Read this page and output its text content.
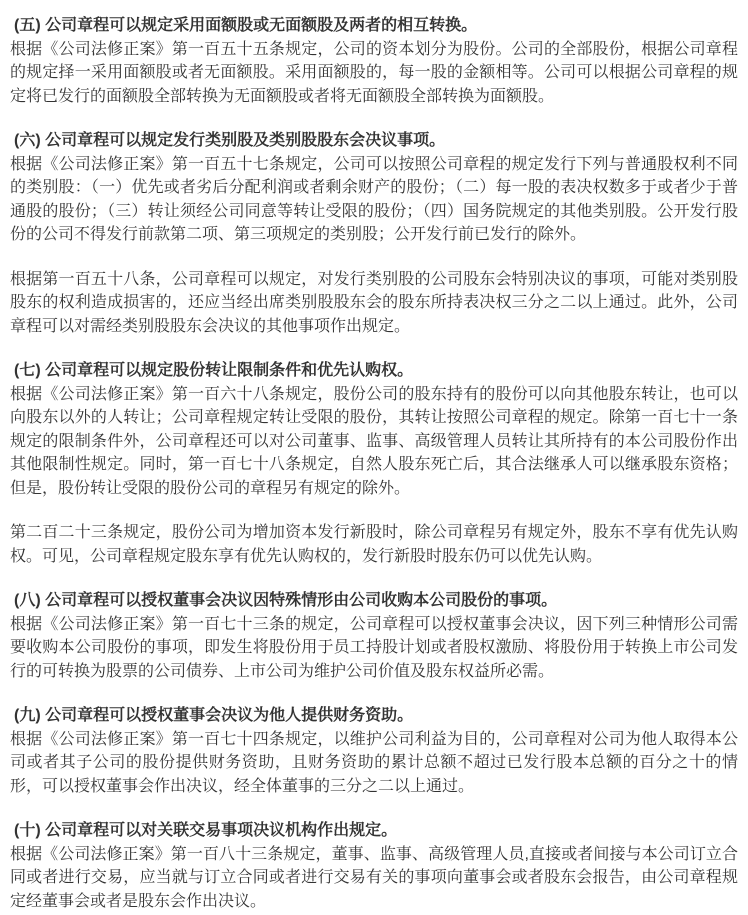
(五) 公司章程可以规定采用面额股或无面额股及两者的相互转换。

根据《公司法修正案》第一百五十五条规定，公司的资本划分为股份。公司的全部股份，根据公司章程的规定择一采用面额股或者无面额股。采用面额股的，每一股的金额相等。公司可以根据公司章程的规定将已发行的面额股全部转换为无面额股或者将无面额股全部转换为面额股。

(六) 公司章程可以规定发行类别股及类别股股东会决议事项。

根据《公司法修正案》第一百五十七条规定，公司可以按照公司章程的规定发行下列与普通股权利不同的类别股：（一）优先或者劣后分配利润或者剩余财产的股份；（二）每一股的表决权数多于或者少于普通股的股份；（三）转让须经公司同意等转让受限的股份；（四）国务院规定的其他类别股。公开发行股份的公司不得发行前款第二项、第三项规定的类别股；公开发行前已发行的除外。

根据第一百五十八条，公司章程可以规定，对发行类别股的公司股东会特别决议的事项，可能对类别股股东的权利造成损害的，还应当经出席类别股股东会的股东所持表决权三分之二以上通过。此外，公司章程可以对需经类别股股东会决议的其他事项作出规定。

(七) 公司章程可以规定股份转让限制条件和优先认购权。

根据《公司法修正案》第一百六十八条规定，股份公司的股东持有的股份可以向其他股东转让，也可以向股东以外的人转让；公司章程规定转让受限的股份，其转让按照公司章程的规定。除第一百七十一条规定的限制条件外，公司章程还可以对公司董事、监事、高级管理人员转让其所持有的本公司股份作出其他限制性规定。同时，第一百七十八条规定，自然人股东死亡后，其合法继承人可以继承股东资格；但是，股份转让受限的股份公司的章程另有规定的除外。

第二百二十三条规定，股份公司为增加资本发行新股时，除公司章程另有规定外，股东不享有优先认购权。可见，公司章程规定股东享有优先认购权的，发行新股时股东仍可以优先认购。

(八) 公司章程可以授权董事会决议因特殊情形由公司收购本公司股份的事项。

根据《公司法修正案》第一百七十三条的规定，公司章程可以授权董事会决议，因下列三种情形公司需要收购本公司股份的事项，即发生将股份用于员工持股计划或者股权激励、将股份用于转换上市公司发行的可转换为股票的公司债券、上市公司为维护公司价值及股东权益所必需。

(九) 公司章程可以授权董事会决议为他人提供财务资助。

根据《公司法修正案》第一百七十四条规定，以维护公司利益为目的，公司章程对公司为他人取得本公司或者其子公司的股份提供财务资助，且财务资助的累计总额不超过已发行股本总额的百分之十的情形，可以授权董事会作出决议，经全体董事的三分之二以上通过。

(十) 公司章程可以对关联交易事项决议机构作出规定。

根据《公司法修正案》第一百八十三条规定，董事、监事、高级管理人员,直接或者间接与本公司订立合同或者进行交易，应当就与订立合同或者进行交易有关的事项向董事会或者股东会报告，由公司章程规定经董事会或者是股东会作出决议。
